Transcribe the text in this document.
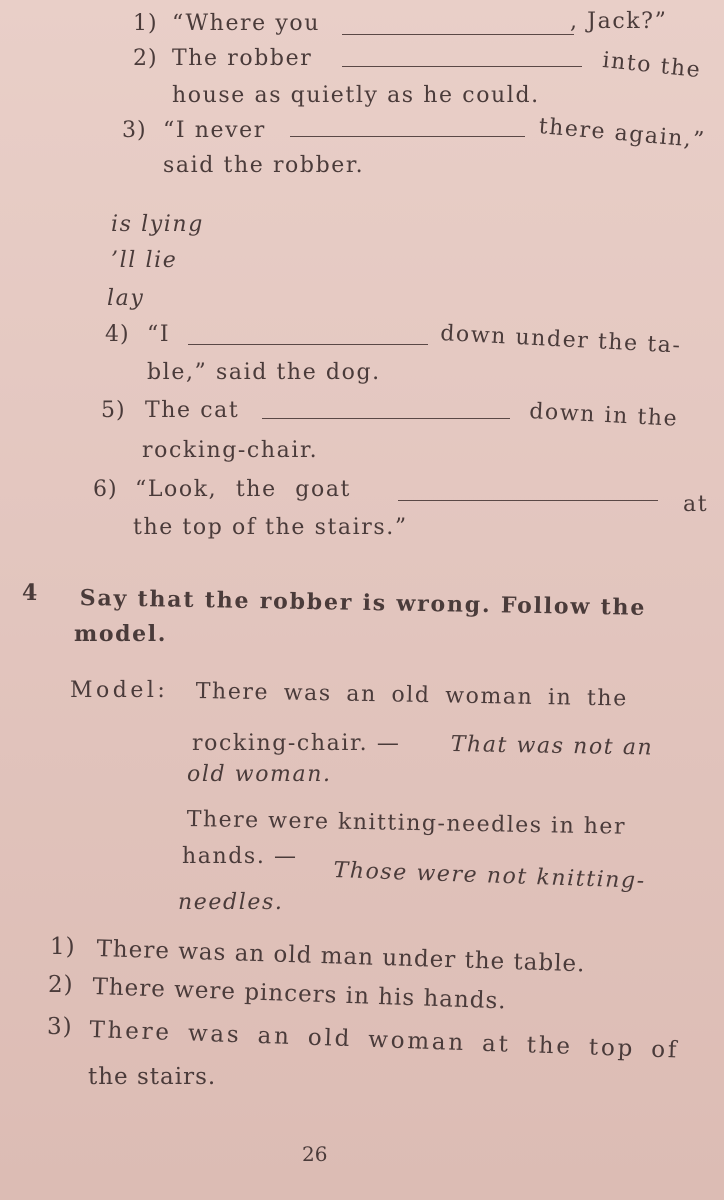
1) “Where you	, Jack?”
2) The robber	into the
house as quietly as he could.
3) “I never	there again,”
said the robber.
is lying
’ll lie
lay
4) “I	down under the ta-
ble,” said the dog.
5) The cat	down in the
rocking-chair.
6) “Look, the goat
at
the top of the stairs.”
4 Say that the robber is wrong. Follow the
model.
Model: There was an old woman in the
rocking-chair. — That was not an
old woman.
There were knitting-needles in her
hands. —
Those were not knitting-
needles.
1) There was an old man under the table.
2) There were pincers in his hands.
3) There was an old woman at the top of
the stairs.
26
